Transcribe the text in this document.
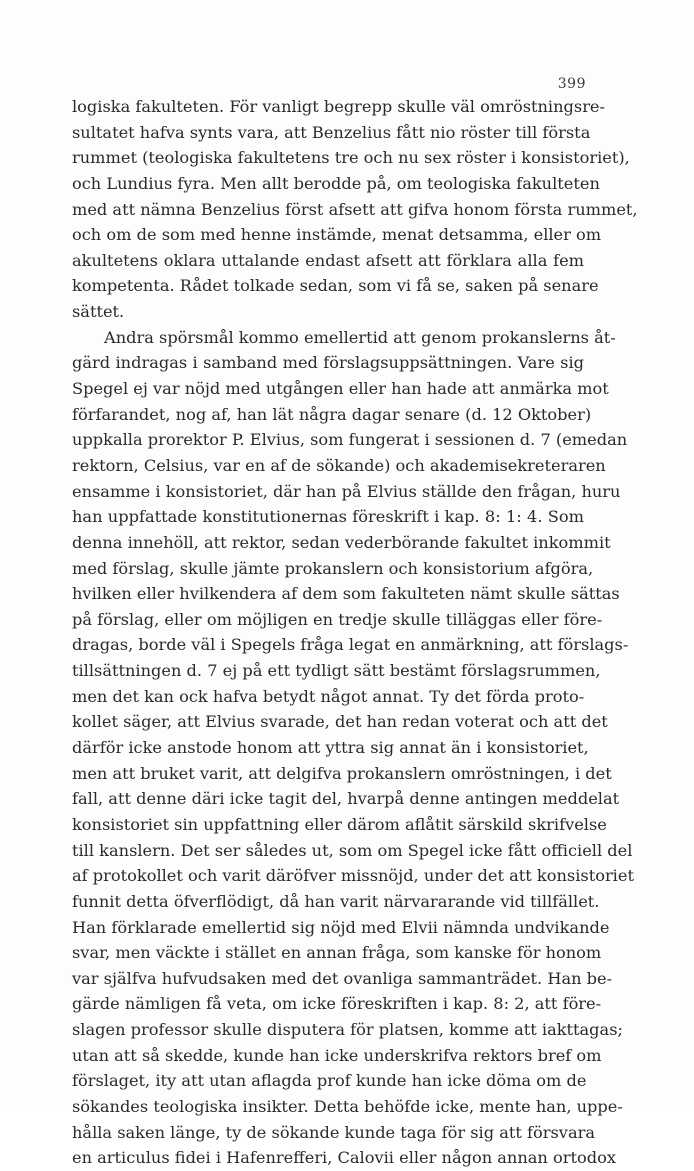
399
logiska fakulteten. För vanligt begrepp skulle väl omröstningsre-
sultatet hafva synts vara, att Benzelius fått nio röster till första
rummet (teologiska fakultetens tre och nu sex röster i konsistoriet),
och Lundius fyra. Men allt berodde på, om teologiska fakulteten
med att nämna Benzelius först afsett att gifva honom första rummet,
och om de som med henne instämde, menat detsamma, eller om
akultetens oklara uttalande endast afsett att förklara alla fem
kompetenta. Rådet tolkade sedan, som vi få se, saken på senare
sättet.
Andra spörsmål kommo emellertid att genom prokanslerns åt-
gärd indragas i samband med förslagsuppsättningen. Vare sig
Spegel ej var nöjd med utgången eller han hade att anmärka mot
förfarandet, nog af, han lät några dagar senare (d. 12 Oktober)
uppkalla prorektor P. Elvius, som fungerat i sessionen d. 7 (emedan
rektorn, Celsius, var en af de sökande) och akademisekreteraren
ensamme i konsistoriet, där han på Elvius ställde den frågan, huru
han uppfattade konstitutionernas föreskrift i kap. 8: 1: 4. Som
denna innehöll, att rektor, sedan vederbörande fakultet inkommit
med förslag, skulle jämte prokanslern och konsistorium afgöra,
hvilken eller hvilkendera af dem som fakulteten nämt skulle sättas
på förslag, eller om möjligen en tredje skulle tilläggas eller före-
dragas, borde väl i Spegels fråga legat en anmärkning, att förslags-
tillsättningen d. 7 ej på ett tydligt sätt bestämt förslagsrummen,
men det kan ock hafva betydt något annat. Ty det förda proto-
kollet säger, att Elvius svarade, det han redan voterat och att det
därför icke anstode honom att yttra sig annat än i konsistoriet,
men att bruket varit, att delgifva prokanslern omröstningen, i det
fall, att denne däri icke tagit del, hvarpå denne antingen meddelat
konsistoriet sin uppfattning eller därom aflåtit särskild skrifvelse
till kanslern. Det ser således ut, som om Spegel icke fått officiell del
af protokollet och varit däröfver missnöjd, under det att konsistoriet
funnit detta öfverflödigt, då han varit närvararande vid tillfället.
Han förklarade emellertid sig nöjd med Elvii nämnda undvikande
svar, men väckte i stället en annan fråga, som kanske för honom
var själfva hufvudsaken med det ovanliga sammanträdet. Han be-
gärde nämligen få veta, om icke föreskriften i kap. 8: 2, att före-
slagen professor skulle disputera för platsen, komme att iakttagas;
utan att så skedde, kunde han icke underskrifva rektors bref om
förslaget, ity att utan aflagda prof kunde han icke döma om de
sökandes teologiska insikter. Detta behöfde icke, mente han, uppe-
hålla saken länge, ty de sökande kunde taga för sig att försvara
en articulus fidei i Hafenrefferi, Calovii eller någon annan ortodox
